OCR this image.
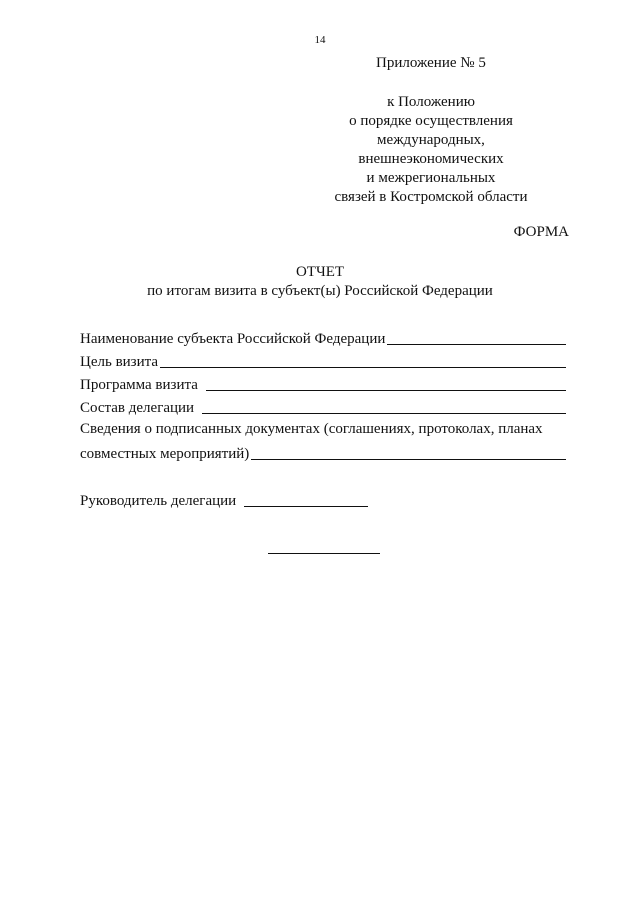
14
Приложение № 5
к Положению
о порядке осуществления
международных,
внешнеэкономических
и межрегиональных
связей в Костромской области
ФОРМА
ОТЧЕТ
по итогам визита в субъект(ы) Российской Федерации
Наименование субъекта Российской Федерации
Цель визита
Программа визита
Состав делегации
Сведения о подписанных документах (соглашениях, протоколах, планах
совместных мероприятий)
Руководитель делегации
